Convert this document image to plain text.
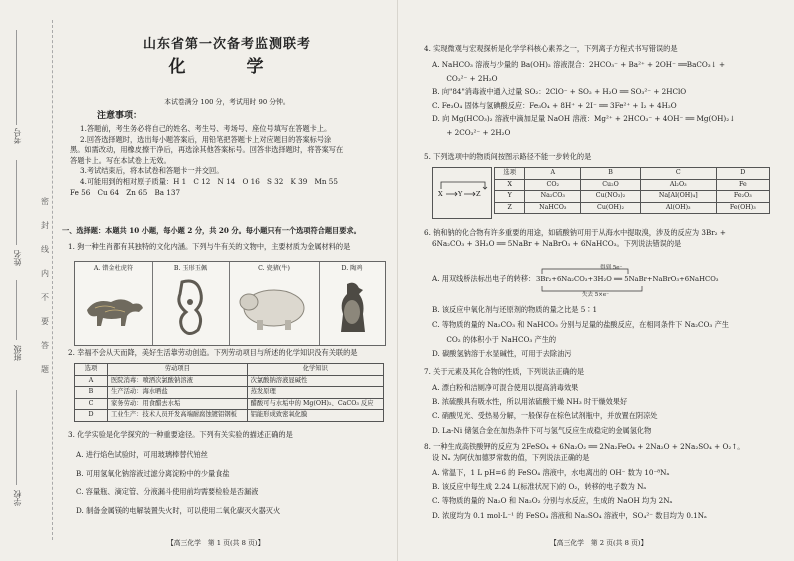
考号
姓名
班级
学校
密
封
线
内
不
要
答
题
山东省第一次备考监测联考
化　学
本试卷满分 100 分，考试用时 90 分钟。
注意事项：

1.答题前，考生务必将自己的姓名、考生号、考场号、座位号填写在答题卡上。

2.回答选择题时，选出每小题答案后，用铅笔把答题卡上对应题目的答案标号涂

黑。如需改动，用橡皮擦干净后，再选涂其他答案标号。回答非选择题时，将答案写在

答题卡上。写在本试卷上无效。

3.考试结束后，将本试卷和答题卡一并交回。

4.可能用到的相对原子质量：H 1　C 12　N 14　O 16　S 32　K 39　Mn 55

Fe 56　Cu 64　Zn 65　Ba 137

一、选择题：本题共 10 小题，每小题 2 分，共 20 分。每小题只有一个选项符合题目要求。
1. 狗一种生肖都有其独特的文化内涵。下列与牛有关的文物中，主要材质为金属材料的是
A. 错金杜虎符	B. 玉形玉佩	C. 瓷猪(牛)	D. 陶鸡
2. 幸福不会从天而降，美好生活靠劳动创造。下列劳动项目与所述的化学知识没有关联的是
选项	劳动项目	化学知识
A	医院消毒：喷洒次氯酸钠溶液	次氯酸钠溶液显碱性
B	生产活动：海水晒盐	蒸发原理
C	家务劳动：用食醋去水垢	醋酸可与水垢中的 Mg(OH)₂、CaCO₃ 反应
D	工业生产：技术人员开发高端耐腐蚀镀铝钢板	铝能形成致密氧化膜
3. 化学实验是化学探究的一种重要途径。下列有关实验的描述正确的是

A. 进行焰色试验时，可用玻璃棒替代铂丝

B. 可用氢氧化钠溶液过滤分离淀粉中的少量食盐

C. 容量瓶、滴定管、分液漏斗使用前均需要检验是否漏液

D. 制备金属镁的电解装置失火时，可以使用二氧化碳灭火器灭火

【高三化学　第 1 页(共 8 页)】
4. 实现微观与宏观探析是化学学科核心素养之一，下列离子方程式书写错误的是

A. NaHCO₃ 溶液与少量的 Ba(OH)₂ 溶液混合：2HCO₃⁻ + Ba²⁺ + 2OH⁻ ══BaCO₃↓ +

　　CO₃²⁻ + 2H₂O

B. 向"84"消毒液中通入过量 SO₂：2ClO⁻ + SO₂ + H₂O ══ SO₃²⁻ + 2HClO

C. Fe₃O₄ 固体与氢碘酸反应：Fe₃O₄ + 8H⁺ + 2I⁻ ══ 3Fe²⁺ + I₂ + 4H₂O

D. 向 Mg(HCO₃)₂ 溶液中滴加足量 NaOH 溶液：Mg²⁺ + 2HCO₃⁻ + 4OH⁻ ══ Mg(OH)₂↓

　　+ 2CO₃²⁻ + 2H₂O

5. 下列选项中的物质间按图示路径不能一步转化的是
X Y Z
选项	A	B	C	D
X	CO₂	Cu₂O	Al₂O₃	Fe
Y	Na₂CO₃	Cu(NO₃)₂	Na[Al(OH)₄]	Fe₂O₃
Z	NaHCO₃	Cu(OH)₂	Al(OH)₃	Fe(OH)₃

6. 钠和钠的化合物有许多重要的用途，如硫酸钠可用于从海水中提取溴，涉及的反应为 3Br₂ +

6Na₂CO₃ + 3H₂O ══ 5NaBr + NaBrO₃ + 6NaHCO₃。下列说法错误的是

A. 用双线桥法标出电子的转移： 3Br₂+6Na₂CO₃+3H₂O ══ 5NaBr+NaBrO₃+6NaHCO₃
得到 5e⁻
失去 5×e⁻

B. 该反应中氧化剂与还原剂的物质的量之比是 5∶1

C. 等物质的量的 Na₂CO₃ 和 NaHCO₃ 分别与足量的盐酸反应，在相同条件下 Na₂CO₃ 产生

　　CO₂ 的体积小于 NaHCO₃ 产生的

D. 碳酸氢钠溶于水显碱性，可用于去除油污

7. 关于元素及其化合物的性质，下列说法正确的是

A. 漂白粉和洁厕净可混合使用以提高消毒效果

B. 浓硫酸具有吸水性，所以用浓硫酸干燥 NH₃ 时干燥效果好

C. 硝酸见光、受热易分解，一般保存在棕色试剂瓶中，并放置在阴凉处

D. La-Ni 储氢合金在加热条件下可与氢气反应生成稳定的金属氢化物

8. 一种生成高铁酸钾的反应为 2FeSO₄ + 6Na₂O₂ ══ 2Na₂FeO₄ + 2Na₂O + 2Na₂SO₄ + O₂↑。

设 Nₐ 为阿伏加德罗常数的值，下列说法正确的是

A. 常温下，1 L pH=6 的 FeSO₄ 溶液中，水电离出的 OH⁻ 数为 10⁻⁸Nₐ

B. 该反应中每生成 2.24 L(标准状况下)的 O₂，转移的电子数为 Nₐ

C. 等物质的量的 Na₂O 和 Na₂O₂ 分别与水反应，生成的 NaOH 均为 2Nₐ

D. 浓度均为 0.1 mol·L⁻¹ 的 FeSO₄ 溶液和 Na₂SO₄ 溶液中，SO₄²⁻ 数目均为 0.1Nₐ

【高三化学　第 2 页(共 8 页)】
